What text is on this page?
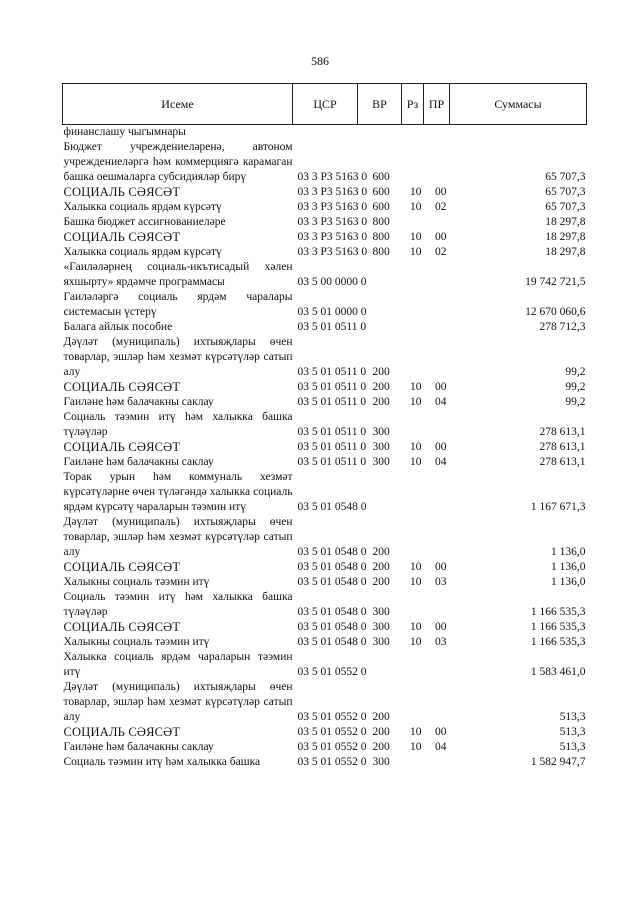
586
Исеме	ЦСР	ВР	Рз	ПР	Суммасы
финанслашу чыгымнары					
Бюджет учреждениеләренә, автоном учреждениеләргә һәм коммерциягә карамаган башка оешмаларга субсидияләр бирү	03 3 Р3 5163 0	600			65 707,3
СОЦИАЛЬ СӘЯСӘТ	03 3 Р3 5163 0	600	10	00	65 707,3
Халыкка социаль ярдәм күрсәтү	03 3 Р3 5163 0	600	10	02	65 707,3
Башка бюджет ассигнованиеләре	03 3 Р3 5163 0	800			18 297,8
СОЦИАЛЬ СӘЯСӘТ	03 3 Р3 5163 0	800	10	00	18 297,8
Халыкка социаль ярдәм күрсәтү	03 3 Р3 5163 0	800	10	02	18 297,8
«Гаиләләрнең социаль-икътисадый хәлен яхшырту» ярдәмче программасы	03 5 00 0000 0				19 742 721,5
Гаиләләргә социаль ярдәм чаралары системасын үстерү	03 5 01 0000 0				12 670 060,6
Балага айлык пособие	03 5 01 0511 0				278 712,3
Дәүләт (муниципаль) ихтыяҗлары өчен товарлар, эшләр һәм хезмәт күрсәтүләр сатып алу	03 5 01 0511 0	200			99,2
СОЦИАЛЬ СӘЯСӘТ	03 5 01 0511 0	200	10	00	99,2
Гаиләне һәм балачакны саклау	03 5 01 0511 0	200	10	04	99,2
Социаль тәэмин итү һәм халыкка башка түләүләр	03 5 01 0511 0	300			278 613,1
СОЦИАЛЬ СӘЯСӘТ	03 5 01 0511 0	300	10	00	278 613,1
Гаиләне һәм балачакны саклау	03 5 01 0511 0	300	10	04	278 613,1
Торак урын һәм коммуналь хезмәт күрсәтүләрне өчен түләгәндә халыкка социаль ярдәм күрсәтү чараларын тәэмин итү	03 5 01 0548 0				1 167 671,3
Дәүләт (муниципаль) ихтыяҗлары өчен товарлар, эшләр һәм хезмәт күрсәтүләр сатып алу	03 5 01 0548 0	200			1 136,0
СОЦИАЛЬ СӘЯСӘТ	03 5 01 0548 0	200	10	00	1 136,0
Халыкны социаль тәэмин итү	03 5 01 0548 0	200	10	03	1 136,0
Социаль тәэмин итү һәм халыкка башка түләүләр	03 5 01 0548 0	300			1 166 535,3
СОЦИАЛЬ СӘЯСӘТ	03 5 01 0548 0	300	10	00	1 166 535,3
Халыкны социаль тәэмин итү	03 5 01 0548 0	300	10	03	1 166 535,3
Халыкка социаль ярдәм чараларын тәэмин итү	03 5 01 0552 0				1 583 461,0
Дәүләт (муниципаль) ихтыяҗлары өчен товарлар, эшләр һәм хезмәт күрсәтүләр сатып алу	03 5 01 0552 0	200			513,3
СОЦИАЛЬ СӘЯСӘТ	03 5 01 0552 0	200	10	00	513,3
Гаиләне һәм балачакны саклау	03 5 01 0552 0	200	10	04	513,3
Социаль тәэмин итү һәм халыкка башка	03 5 01 0552 0	300			1 582 947,7
